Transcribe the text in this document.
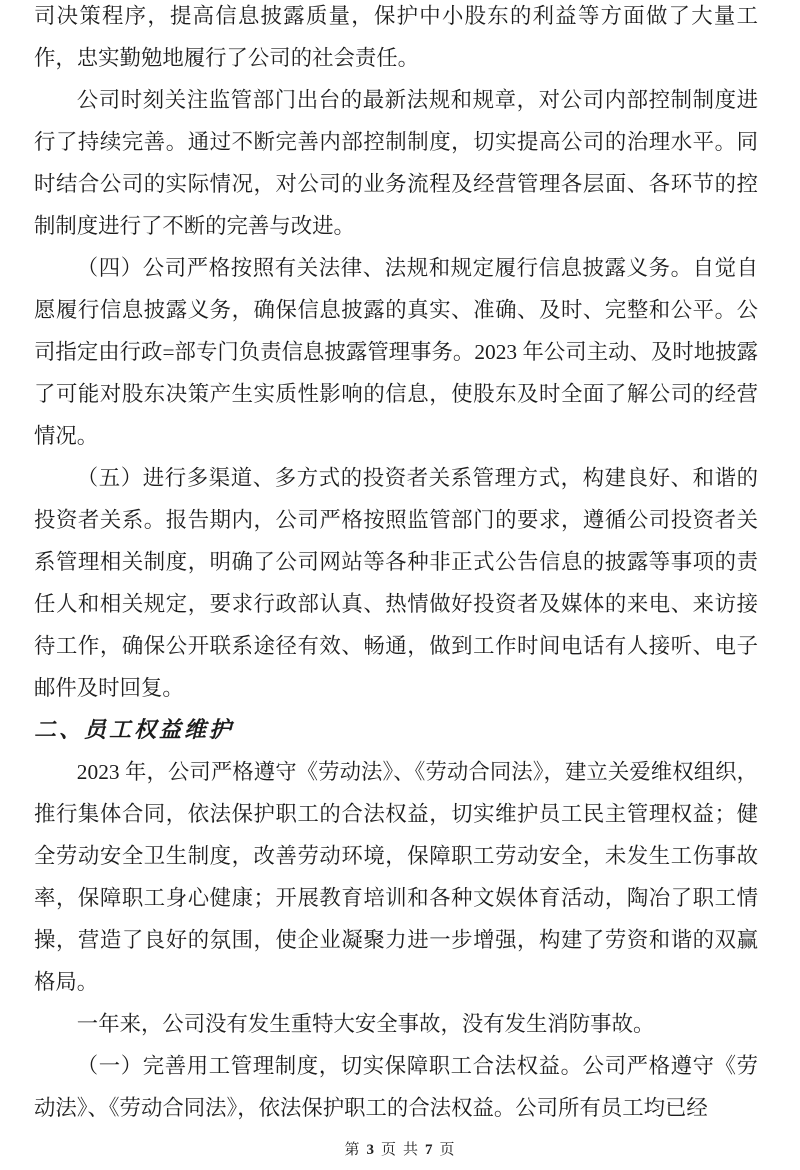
司决策程序，提高信息披露质量，保护中小股东的利益等方面做了大量工作，忠实勤勉地履行了公司的社会责任。

公司时刻关注监管部门出台的最新法规和规章，对公司内部控制制度进行了持续完善。通过不断完善内部控制制度，切实提高公司的治理水平。同时结合公司的实际情况，对公司的业务流程及经营管理各层面、各环节的控制制度进行了不断的完善与改进。

（四）公司严格按照有关法律、法规和规定履行信息披露义务。自觉自愿履行信息披露义务，确保信息披露的真实、准确、及时、完整和公平。公司指定由行政=部专门负责信息披露管理事务。2023 年公司主动、及时地披露了可能对股东决策产生实质性影响的信息，使股东及时全面了解公司的经营情况。

（五）进行多渠道、多方式的投资者关系管理方式，构建良好、和谐的投资者关系。报告期内，公司严格按照监管部门的要求，遵循公司投资者关系管理相关制度，明确了公司网站等各种非正式公告信息的披露等事项的责任人和相关规定，要求行政部认真、热情做好投资者及媒体的来电、来访接待工作，确保公开联系途径有效、畅通，做到工作时间电话有人接听、电子邮件及时回复。

二、员工权益维护

2023 年，公司严格遵守《劳动法》、《劳动合同法》，建立关爱维权组织，推行集体合同，依法保护职工的合法权益，切实维护员工民主管理权益；健全劳动安全卫生制度，改善劳动环境，保障职工劳动安全，未发生工伤事故率，保障职工身心健康；开展教育培训和各种文娱体育活动，陶冶了职工情操，营造了良好的氛围，使企业凝聚力进一步增强，构建了劳资和谐的双赢格局。

一年来，公司没有发生重特大安全事故，没有发生消防事故。

（一）完善用工管理制度，切实保障职工合法权益。公司严格遵守《劳动法》、《劳动合同法》，依法保护职工的合法权益。公司所有员工均已经

第 3 页 共 7 页
